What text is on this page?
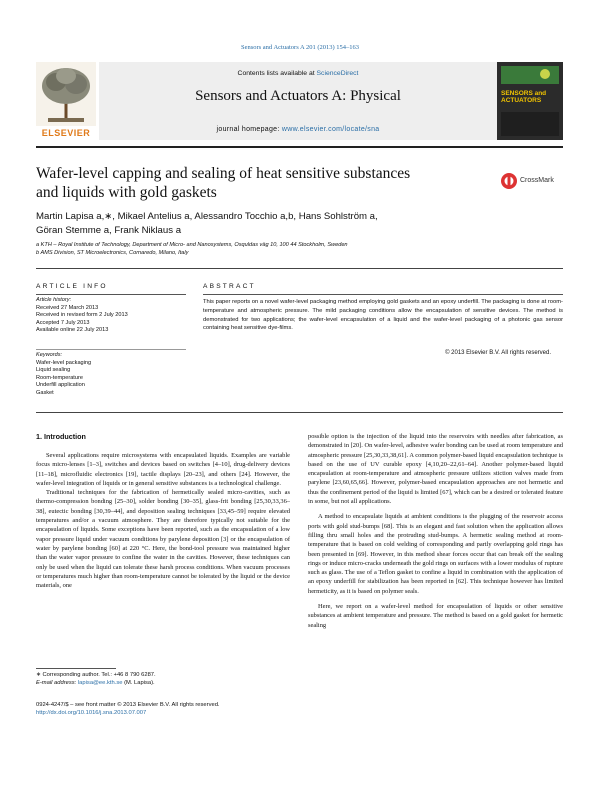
Sensors and Actuators A 201 (2013) 154–163
ELSEVIER
Contents lists available at ScienceDirect
Sensors and Actuators A: Physical
journal homepage: www.elsevier.com/locate/sna
SENSORS and ACTUATORS
Wafer-level capping and sealing of heat sensitive substances and liquids with gold gaskets
CrossMark
Martin Lapisa a,∗, Mikael Antelius a, Alessandro Tocchio a,b, Hans Sohlström a,
Göran Stemme a, Frank Niklaus a
a KTH – Royal Institute of Technology, Department of Micro- and Nanosystems, Osquldas väg 10, 100 44 Stockholm, Sweden
b AMS Division, ST Microelectronics, Cornaredo, Milano, Italy
ARTICLE INFO	ABSTRACT
Article history:
Received 27 March 2013
Received in revised form 2 July 2013
Accepted 7 July 2013
Available online 22 July 2013
Keywords:
Wafer-level packaging
Liquid sealing
Room-temperature
Underfill application
Gasket
This paper reports on a novel wafer-level packaging method employing gold gaskets and an epoxy underfill. The packaging is done at room-temperature and atmospheric pressure. The mild packaging conditions allow the encapsulation of sensitive devices. The method is demonstrated for two applications; the wafer-level encapsulation of a liquid and the wafer-level packaging of a photonic gas sensor containing heat sensitive dye-films.
© 2013 Elsevier B.V. All rights reserved.
1. Introduction

Several applications require microsystems with encapsulated liquids. Examples are variable focus micro-lenses [1–3], switches and devices based on switches [4–10], drug-delivery devices [11–18], microfluidic electronics [19], tactile displays [20–23], and others [24]. However, the wafer-level integration of liquids or in general sensitive substances is a technological challenge.

Traditional techniques for the fabrication of hermetically sealed micro-cavities, such as thermo-compression bonding [25–30], solder bonding [30–35], glass-frit bonding [25,30,33,36–38], eutectic bonding [30,39–44], and deposition sealing techniques [33,45–59] require elevated temperatures and/or a vacuum atmosphere. They are therefore typically not suitable for the encapsulation of liquids. Some exceptions have been reported, such as the encapsulation of a low vapor pressure liquid under vacuum conditions by parylene deposition [3] or the encapsulation of water by parylene bonding [60] at 220 °C. Here, the bond-tool pressure was maintained higher than the water vapor pressure to confine the water in the cavities. However, these techniques can only be used when the liquid can tolerate these harsh process conditions. When vacuum processes or temperatures much higher than room-temperature cannot be tolerated by the liquid or the device materials, one

possible option is the injection of the liquid into the reservoirs with needles after fabrication, as demonstrated in [20]. On wafer-level, adhesive wafer bonding can be used at room temperature and atmospheric pressure [25,30,33,38,61]. A common polymer-based liquid encapsulation technique is based on the use of UV curable epoxy [4,10,20–22,61–64]. Another polymer-based liquid encapsulation at room-temperature and atmospheric pressure utilizes stiction valves made from parylene [23,60,65,66]. However, polymer-based encapsulation approaches are not hermetic and thus the confinement period of the liquid is limited [67], which can be a desired or tolerated feature in some, but not all applications.

A method to encapsulate liquids at ambient conditions is the plugging of the reservoir access ports with gold stud-bumps [68]. This is an elegant and fast solution when the application allows filling thru small holes and the protruding stud-bumps. A hermetic sealing method at room-temperature that is based on cold welding of corresponding and partly overlapping gold rings has been presented in [69]. However, in this method shear forces occur that can break off the sealing rings or induce micro-cracks underneath the gold rings on surfaces with a lower modulus of rupture such as glass. The use of a Teflon gasket to confine a liquid in combination with the application of an epoxy underfill for stabilization has been reported in [62]. This technique however has limited hermeticity, as it is based on polymer seals.

Here, we report on a wafer-level method for encapsulation of liquids or other sensitive substances at ambient temperature and pressure. The method is based on a gold gasket for hermetic sealing

∗ Corresponding author. Tel.: +46 8 790 6287.
E-mail address: lapisa@ee.kth.se (M. Lapisa).
0924-4247/$ – see front matter © 2013 Elsevier B.V. All rights reserved.
http://dx.doi.org/10.1016/j.sna.2013.07.007
